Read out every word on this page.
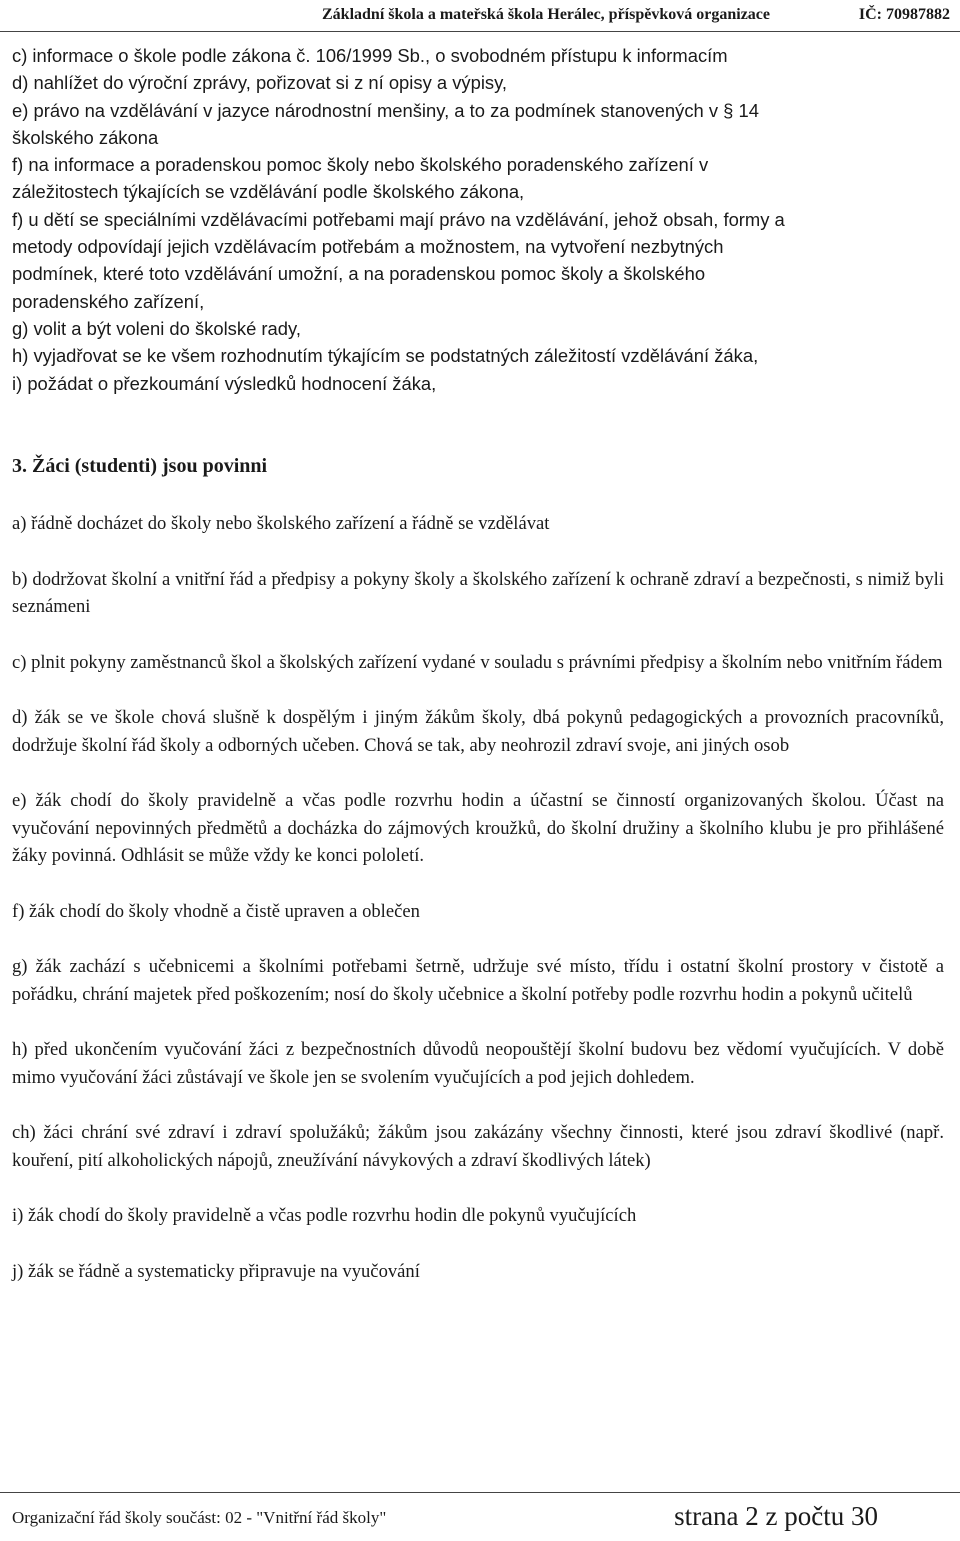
Základní škola a mateřská škola Herálec, příspěvková organizace	IČ: 70987882

c) informace o škole podle zákona č. 106/1999 Sb., o svobodném přístupu k informacím

d) nahlížet do výroční zprávy, pořizovat si z ní opisy a výpisy,

e) právo na vzdělávání v jazyce národnostní menšiny, a to za podmínek stanovených v § 14

školského zákona

f) na informace a poradenskou pomoc školy nebo školského poradenského zařízení v

záležitostech týkajících se vzdělávání podle školského zákona,

f) u dětí se speciálními vzdělávacími potřebami mají právo na vzdělávání, jehož obsah, formy a

metody odpovídají jejich vzdělávacím potřebám a možnostem, na vytvoření nezbytných

podmínek, které toto vzdělávání umožní, a na poradenskou pomoc školy a školského

poradenského zařízení,

g) volit a být voleni do školské rady,

h) vyjadřovat se ke všem rozhodnutím týkajícím se podstatných záležitostí vzdělávání žáka,

i) požádat o přezkoumání výsledků hodnocení žáka,

3. Žáci (studenti) jsou povinni

a) řádně docházet do školy nebo školského zařízení a řádně se vzdělávat

b) dodržovat školní a vnitřní řád a předpisy a pokyny školy a školského zařízení k ochraně zdraví a bezpečnosti, s nimiž byli seznámeni

c) plnit pokyny zaměstnanců škol a školských zařízení vydané v souladu s právními předpisy a školním nebo vnitřním řádem

d) žák se ve škole chová slušně k dospělým i jiným žákům školy, dbá pokynů pedagogických a provozních pracovníků, dodržuje školní řád školy a odborných učeben. Chová se tak, aby neohrozil zdraví svoje, ani jiných osob

e) žák chodí do školy pravidelně a včas podle rozvrhu hodin a účastní se činností organizovaných školou. Účast na vyučování nepovinných předmětů a docházka do zájmových kroužků, do školní družiny a školního klubu je pro přihlášené žáky povinná. Odhlásit se může vždy ke konci pololetí.

f) žák chodí do školy vhodně a čistě upraven a oblečen

g) žák zachází s učebnicemi a školními potřebami šetrně, udržuje své místo, třídu i ostatní školní prostory v čistotě a pořádku, chrání majetek před poškozením; nosí do školy učebnice a školní potřeby podle rozvrhu hodin a pokynů učitelů

h) před ukončením vyučování žáci z bezpečnostních důvodů neopouštějí školní budovu bez vědomí vyučujících. V době mimo vyučování žáci zůstávají ve škole jen se svolením vyučujících a pod jejich dohledem.

ch) žáci chrání své zdraví i zdraví spolužáků; žákům jsou zakázány všechny činnosti, které jsou zdraví škodlivé (např. kouření, pití alkoholických nápojů, zneužívání návykových a zdraví škodlivých látek)

i) žák chodí do školy pravidelně a včas podle rozvrhu hodin dle pokynů vyučujících

j) žák se řádně a systematicky připravuje na vyučování

Organizační řád školy součást: 02 - "Vnitřní řád školy"	strana 2 z počtu 30
